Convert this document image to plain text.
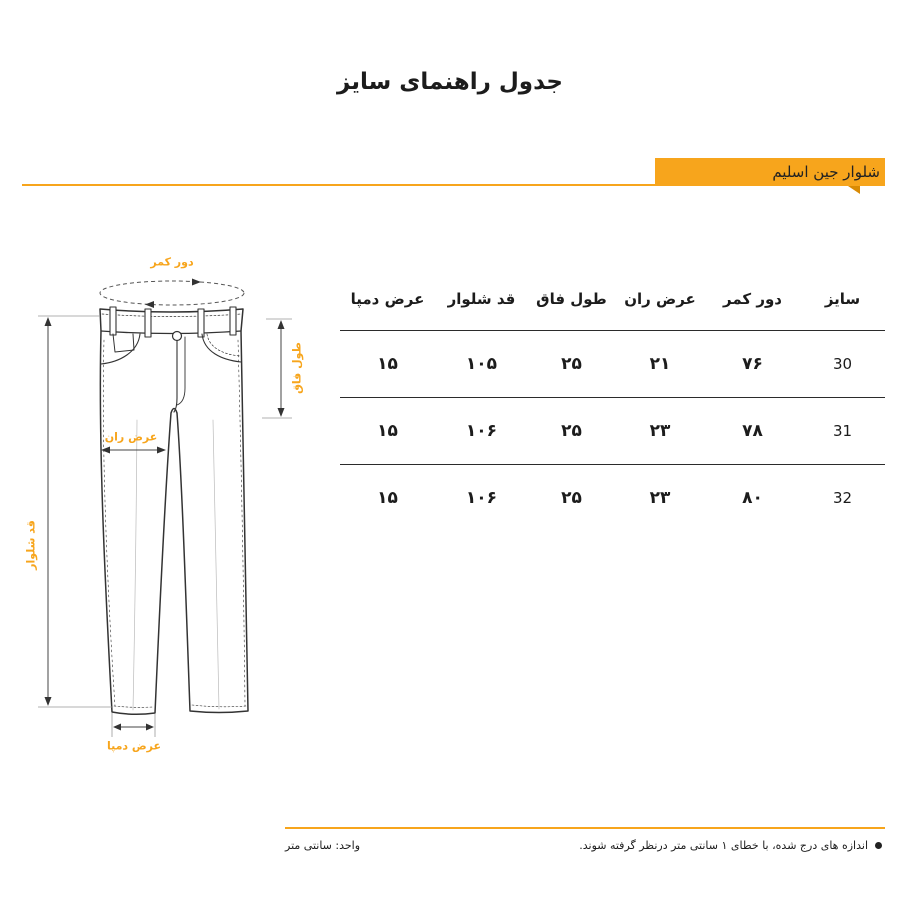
جدول راهنمای سایز
شلوار جین اسلیم
دور کمر
قد شلوار
طول فاق
عرض ران
عرض دمپا
سایز	دور کمر	عرض ران	طول فاق	قد شلوار	عرض دمپا
30	۷۶	۲۱	۲۵	۱۰۵	۱۵
31	۷۸	۲۳	۲۵	۱۰۶	۱۵
32	۸۰	۲۳	۲۵	۱۰۶	۱۵
اندازه های درج شده، با خطای ۱ سانتی متر درنظر گرفته شوند.
واحد: سانتی متر
